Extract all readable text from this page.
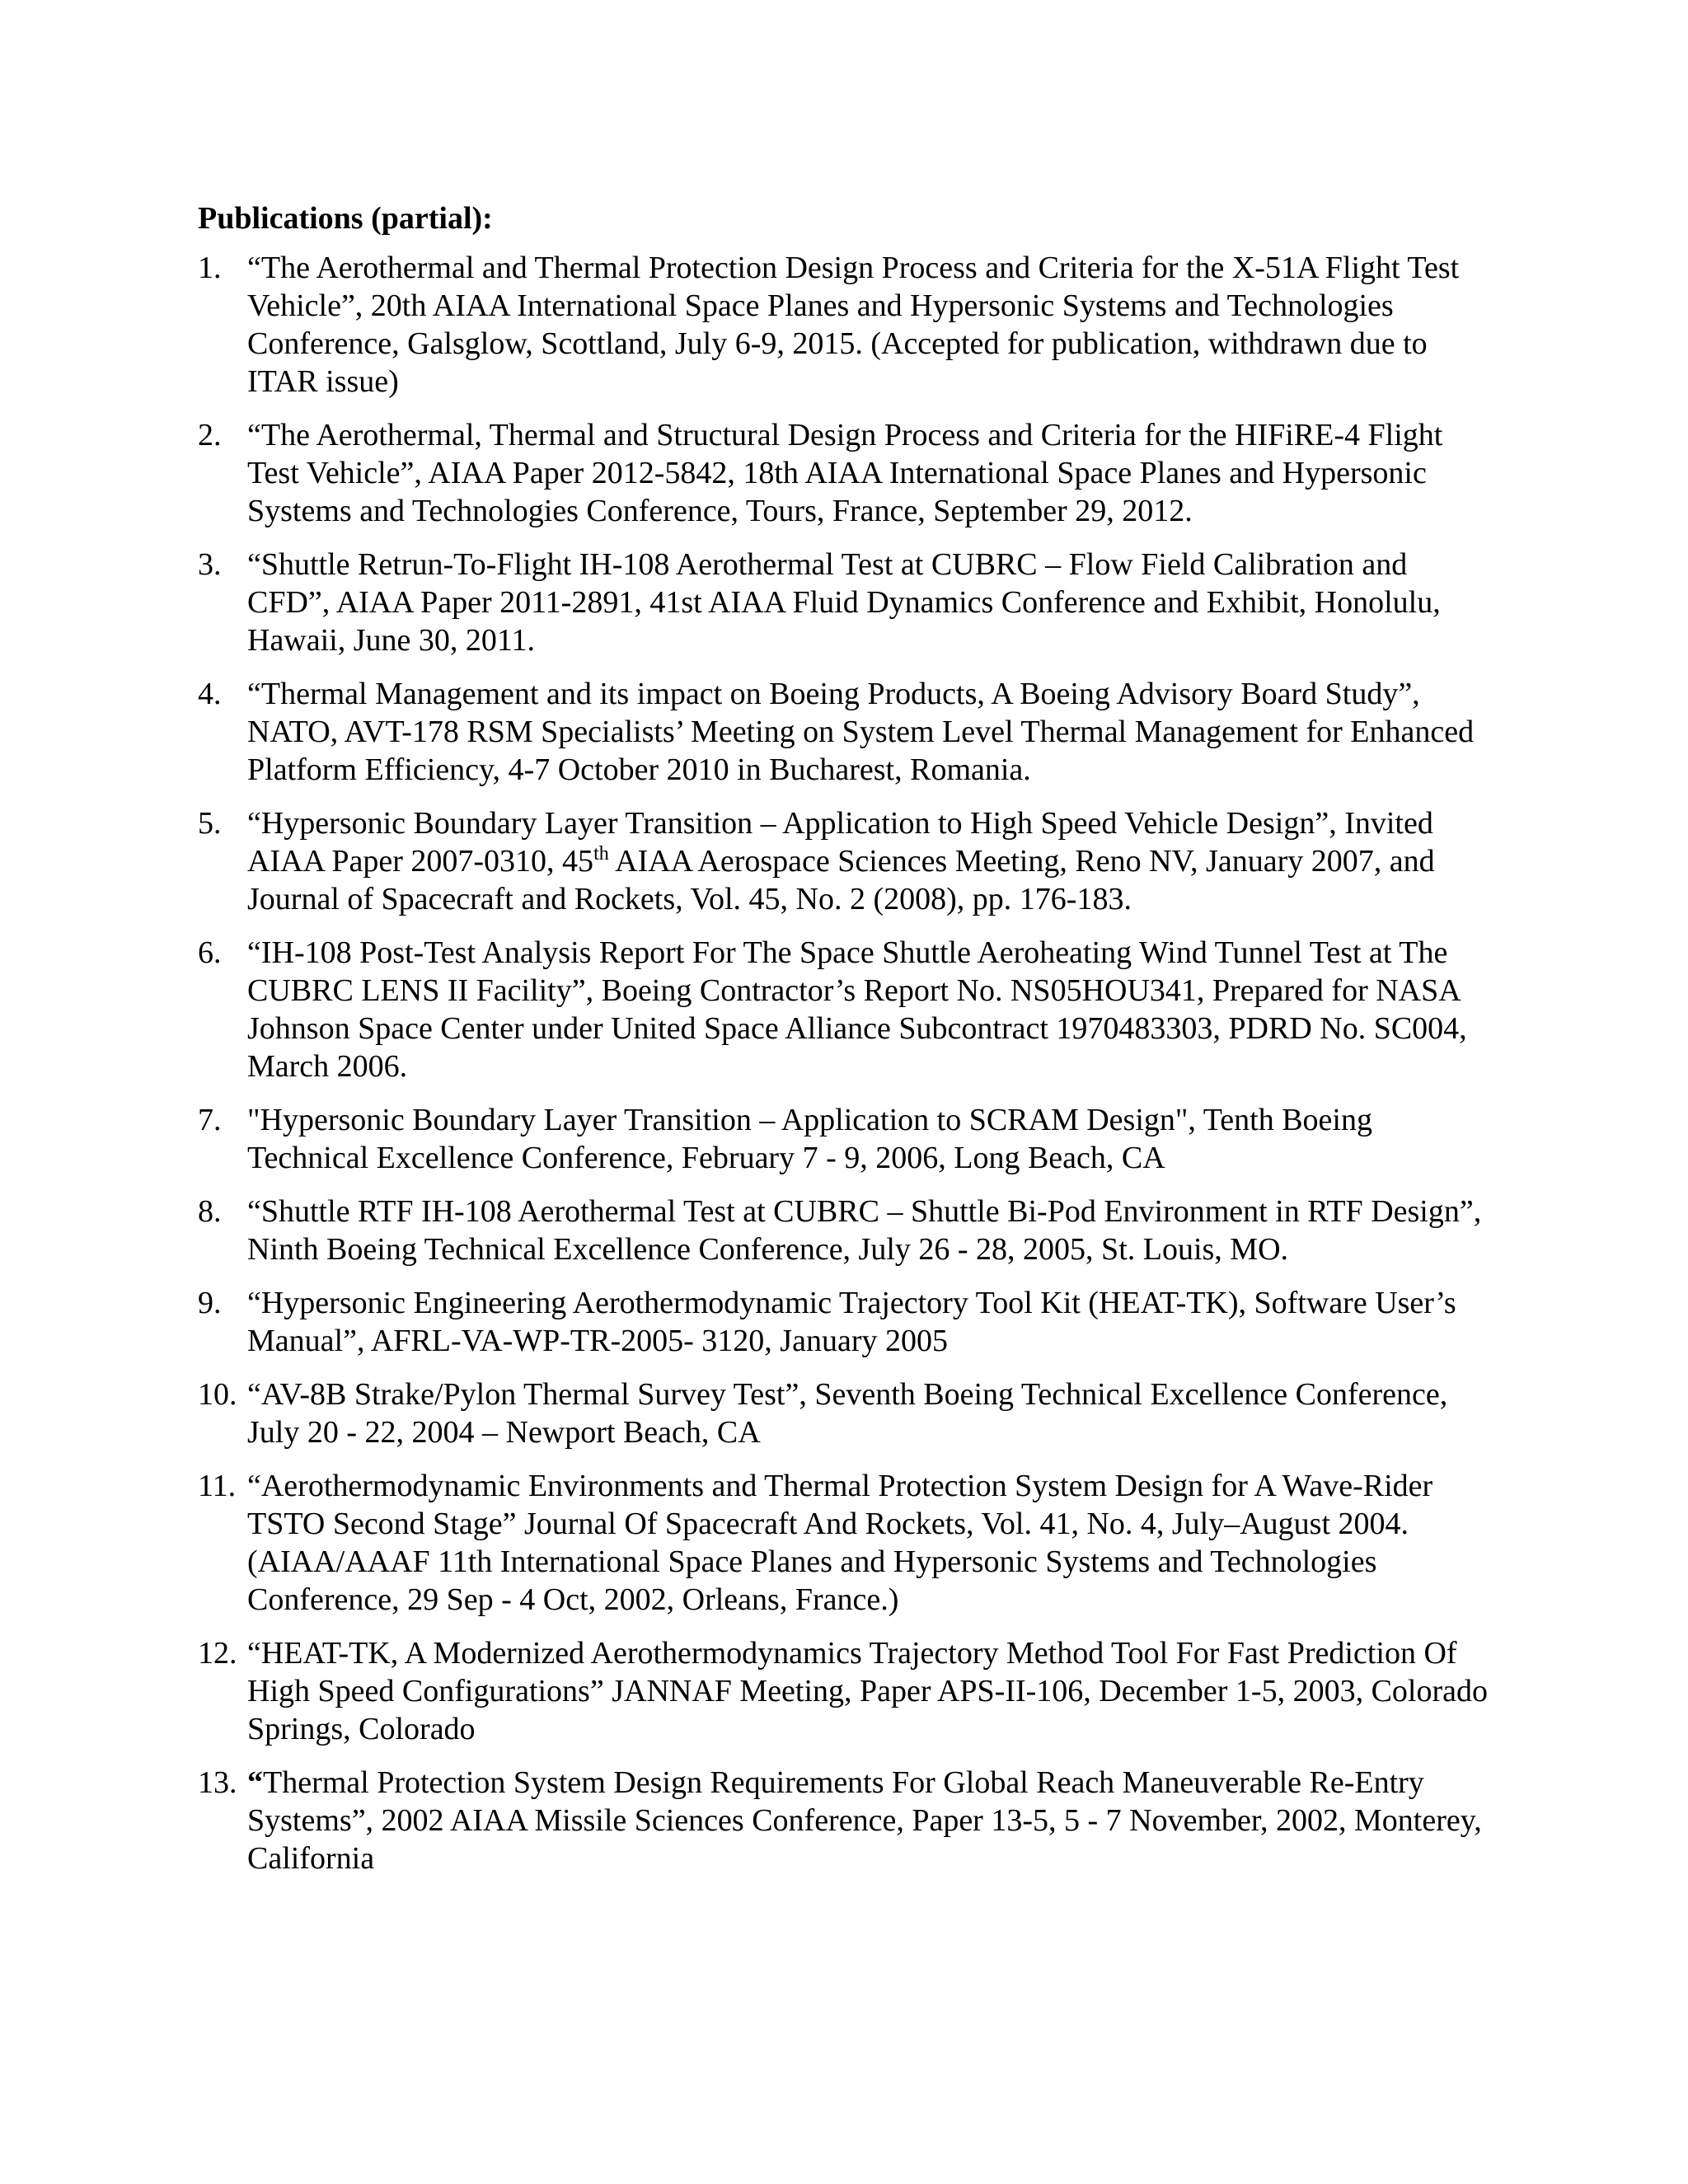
Publications (partial):
1. “The Aerothermal and Thermal Protection Design Process and Criteria for the X-51A Flight Test Vehicle”, 20th AIAA International Space Planes and Hypersonic Systems and Technologies Conference, Galsglow, Scottland, July 6-9, 2015. (Accepted for publication, withdrawn due to ITAR issue)
2. “The Aerothermal, Thermal and Structural Design Process and Criteria for the HIFiRE-4 Flight Test Vehicle”, AIAA Paper 2012-5842, 18th AIAA International Space Planes and Hypersonic Systems and Technologies Conference, Tours, France, September 29, 2012.
3. “Shuttle Retrun-To-Flight IH-108 Aerothermal Test at CUBRC – Flow Field Calibration and CFD”, AIAA Paper 2011-2891, 41st AIAA Fluid Dynamics Conference and Exhibit, Honolulu, Hawaii, June 30, 2011.
4. “Thermal Management and its impact on Boeing Products, A Boeing Advisory Board Study”, NATO, AVT-178 RSM Specialists’ Meeting on System Level Thermal Management for Enhanced Platform Efficiency, 4-7 October 2010 in Bucharest, Romania.
5. “Hypersonic Boundary Layer Transition – Application to High Speed Vehicle Design”, Invited AIAA Paper 2007-0310, 45th AIAA Aerospace Sciences Meeting, Reno NV, January 2007, and Journal of Spacecraft and Rockets, Vol. 45, No. 2 (2008), pp. 176-183.
6. “IH-108 Post-Test Analysis Report For The Space Shuttle Aeroheating Wind Tunnel Test at The CUBRC LENS II Facility”, Boeing Contractor’s Report No. NS05HOU341, Prepared for NASA Johnson Space Center under United Space Alliance Subcontract 1970483303, PDRD No. SC004, March 2006.
7. "Hypersonic Boundary Layer Transition – Application to SCRAM Design", Tenth Boeing Technical Excellence Conference, February 7 - 9, 2006, Long Beach, CA
8. “Shuttle RTF IH-108 Aerothermal Test at CUBRC – Shuttle Bi-Pod Environment in RTF Design”, Ninth Boeing Technical Excellence Conference, July 26 - 28, 2005, St. Louis, MO.
9. “Hypersonic Engineering Aerothermodynamic Trajectory Tool Kit (HEAT-TK), Software User’s Manual”, AFRL-VA-WP-TR-2005- 3120, January 2005
10. “AV-8B Strake/Pylon Thermal Survey Test”, Seventh Boeing Technical Excellence Conference, July 20 - 22, 2004 – Newport Beach, CA
11. “Aerothermodynamic Environments and Thermal Protection System Design for A Wave-Rider TSTO Second Stage” Journal Of Spacecraft And Rockets, Vol. 41, No. 4, July–August 2004. (AIAA/AAAF 11th International Space Planes and Hypersonic Systems and Technologies Conference, 29 Sep - 4 Oct, 2002, Orleans, France.)
12. “HEAT-TK, A Modernized Aerothermodynamics Trajectory Method Tool For Fast Prediction Of High Speed Configurations” JANNAF Meeting, Paper APS-II-106, December 1-5, 2003, Colorado Springs, Colorado
13. “Thermal Protection System Design Requirements For Global Reach Maneuverable Re-Entry Systems”, 2002 AIAA Missile Sciences Conference, Paper 13-5, 5 - 7 November, 2002, Monterey, California
